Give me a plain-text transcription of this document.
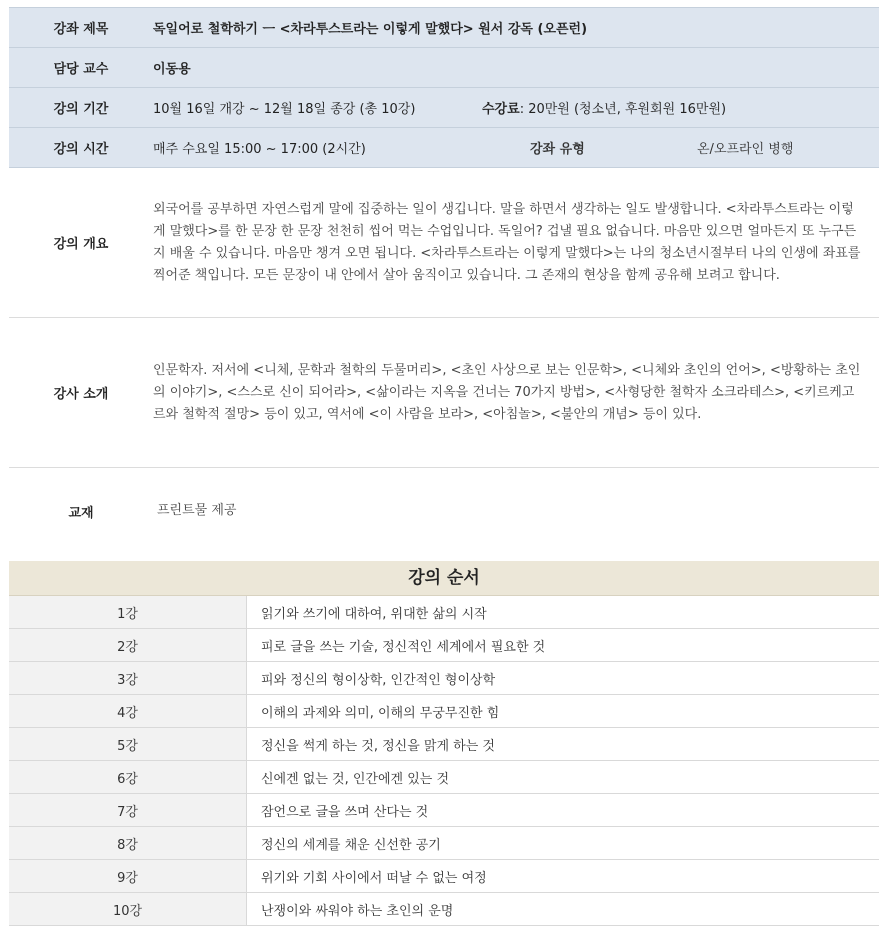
강좌 제목	독일어로 철학하기 ㅡ <차라투스트라는 이렇게 말했다> 원서 강독 (오픈런)
담당 교수	이동용
강의 기간	10월 16일 개강 ~ 12월 18일 종강 (총 10강)	수강료: 20만원 (청소년, 후원회원 16만원)
강의 시간	매주 수요일 15:00 ~ 17:00 (2시간)	강좌 유형	온/오프라인 병행
강의 개요
외국어를 공부하면 자연스럽게 말에 집중하는 일이 생깁니다. 말을 하면서 생각하는 일도 발생합니다. <차라투스트라는 이렇게 말했다>를 한 문장 한 문장 천천히 씹어 먹는 수업입니다. 독일어? 겁낼 필요 없습니다. 마음만 있으면 얼마든지 또 누구든지 배울 수 있습니다. 마음만 챙겨 오면 됩니다. <차라투스트라는 이렇게 말했다>는 나의 청소년시절부터 나의 인생에 좌표를 찍어준 책입니다. 모든 문장이 내 안에서 살아 움직이고 있습니다. 그 존재의 현상을 함께 공유해 보려고 합니다.
강사 소개
인문학자. 저서에 <니체, 문학과 철학의 두물머리>, <초인 사상으로 보는 인문학>, <니체와 초인의 언어>, <방황하는 초인의 이야기>, <스스로 신이 되어라>, <삶이라는 지옥을 건너는 70가지 방법>, <사형당한 철학자 소크라테스>, <키르케고르와 철학적 절망> 등이 있고, 역서에 <이 사람을 보라>, <아침놀>, <불안의 개념> 등이 있다.
교재	프린트물 제공
강의 순서
1강	읽기와 쓰기에 대하여, 위대한 삶의 시작
2강	피로 글을 쓰는 기술, 정신적인 세계에서 필요한 것
3강	피와 정신의 형이상학, 인간적인 형이상학
4강	이해의 과제와 의미, 이해의 무궁무진한 힘
5강	정신을 썩게 하는 것, 정신을 맑게 하는 것
6강	신에겐 없는 것, 인간에겐 있는 것
7강	잠언으로 글을 쓰며 산다는 것
8강	정신의 세계를 채운 신선한 공기
9강	위기와 기회 사이에서 떠날 수 없는 여정
10강	난쟁이와 싸워야 하는 초인의 운명
